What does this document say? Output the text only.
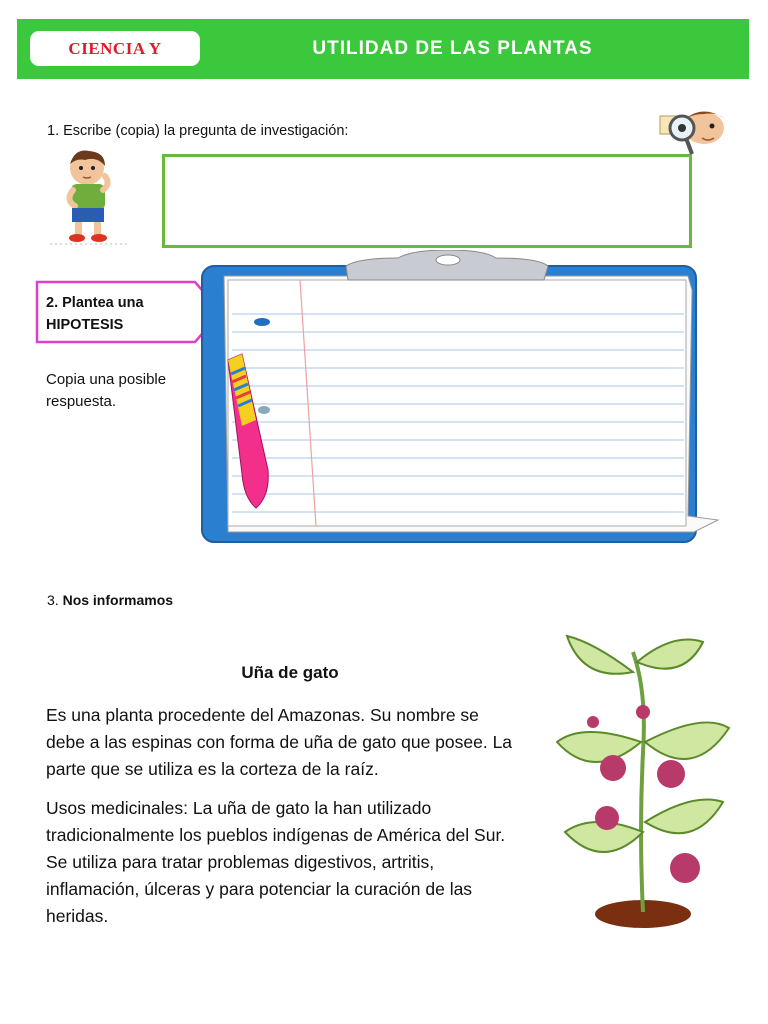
CIENCIA Y	UTILIDAD DE LAS PLANTAS
1. Escribe (copia) la pregunta de investigación:
2. Plantea una
HIPOTESIS
Copia una posible
respuesta.
3. Nos informamos
Uña de gato
Es una planta procedente del Amazonas. Su nombre se debe a las espinas con forma de uña de gato que posee. La parte que se utiliza es la corteza de la raíz.
Usos medicinales: La uña de gato la han utilizado tradicionalmente los pueblos indígenas de América del Sur. Se utiliza para tratar problemas digestivos, artritis, inflamación, úlceras y para potenciar la curación de las heridas.
